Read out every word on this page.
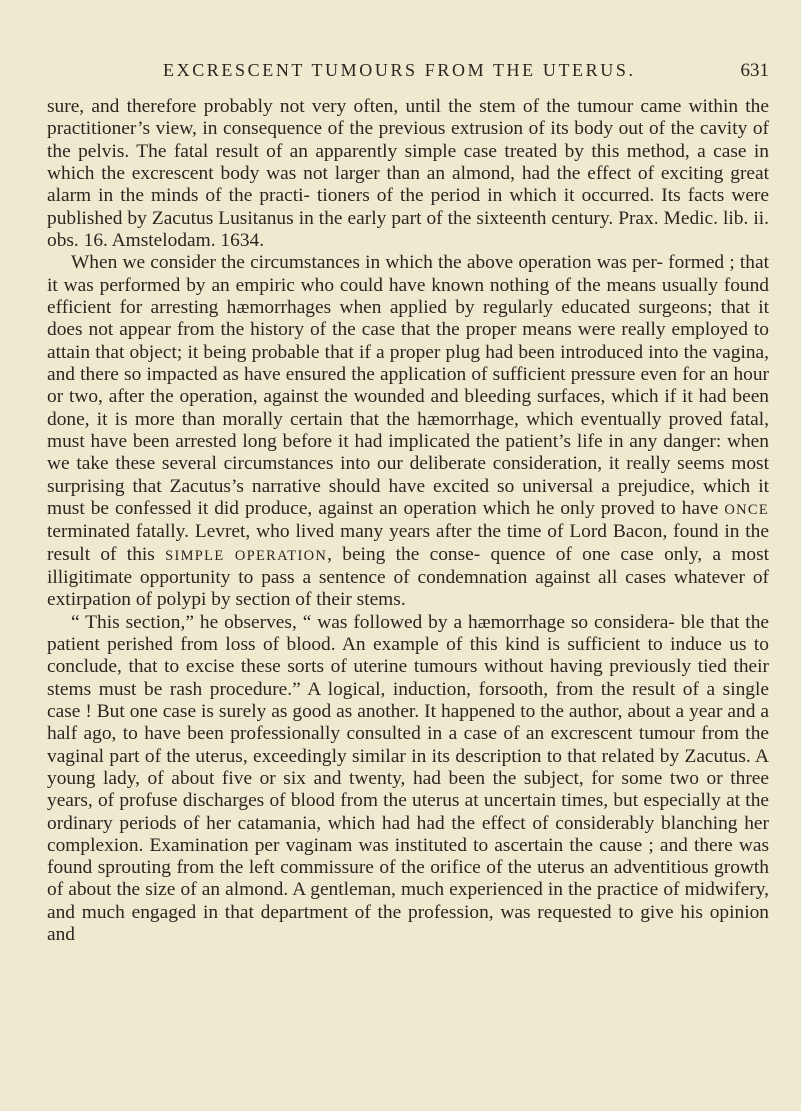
EXCRESCENT TUMOURS FROM THE UTERUS.	631

sure, and therefore probably not very often, until the stem of the tumour came within the practitioner’s view, in consequence of the previous extrusion of its body out of the cavity of the pelvis. The fatal result of an apparently simple case treated by this method, a case in which the excrescent body was not larger than an almond, had the effect of exciting great alarm in the minds of the practi- tioners of the period in which it occurred. Its facts were published by Zacutus Lusitanus in the early part of the sixteenth century. Prax. Medic. lib. ii. obs. 16. Amstelodam. 1634.

When we consider the circumstances in which the above operation was per- formed ; that it was performed by an empiric who could have known nothing of the means usually found efficient for arresting hæmorrhages when applied by regularly educated surgeons; that it does not appear from the history of the case that the proper means were really employed to attain that object; it being probable that if a proper plug had been introduced into the vagina, and there so impacted as have ensured the application of sufficient pressure even for an hour or two, after the operation, against the wounded and bleeding surfaces, which if it had been done, it is more than morally certain that the hæmorrhage, which eventually proved fatal, must have been arrested long before it had implicated the patient’s life in any danger: when we take these several circumstances into our deliberate consideration, it really seems most surprising that Zacutus’s narrative should have excited so universal a prejudice, which it must be confessed it did produce, against an operation which he only proved to have ONCE terminated fatally. Levret, who lived many years after the time of Lord Bacon, found in the result of this SIMPLE OPERATION, being the conse- quence of one case only, a most illigitimate opportunity to pass a sentence of condemnation against all cases whatever of extirpation of polypi by section of their stems.

“ This section,” he observes, “ was followed by a hæmorrhage so considera- ble that the patient perished from loss of blood. An example of this kind is sufficient to induce us to conclude, that to excise these sorts of uterine tumours without having previously tied their stems must be rash procedure.” A logical, induction, forsooth, from the result of a single case ! But one case is surely as good as another. It happened to the author, about a year and a half ago, to have been professionally consulted in a case of an excrescent tumour from the vaginal part of the uterus, exceedingly similar in its description to that related by Zacutus. A young lady, of about five or six and twenty, had been the subject, for some two or three years, of profuse discharges of blood from the uterus at uncertain times, but especially at the ordinary periods of her catamania, which had had the effect of considerably blanching her complexion. Examination per vaginam was instituted to ascertain the cause ; and there was found sprouting from the left commissure of the orifice of the uterus an adventitious growth of about the size of an almond. A gentleman, much experienced in the practice of midwifery, and much engaged in that department of the profession, was requested to give his opinion and
